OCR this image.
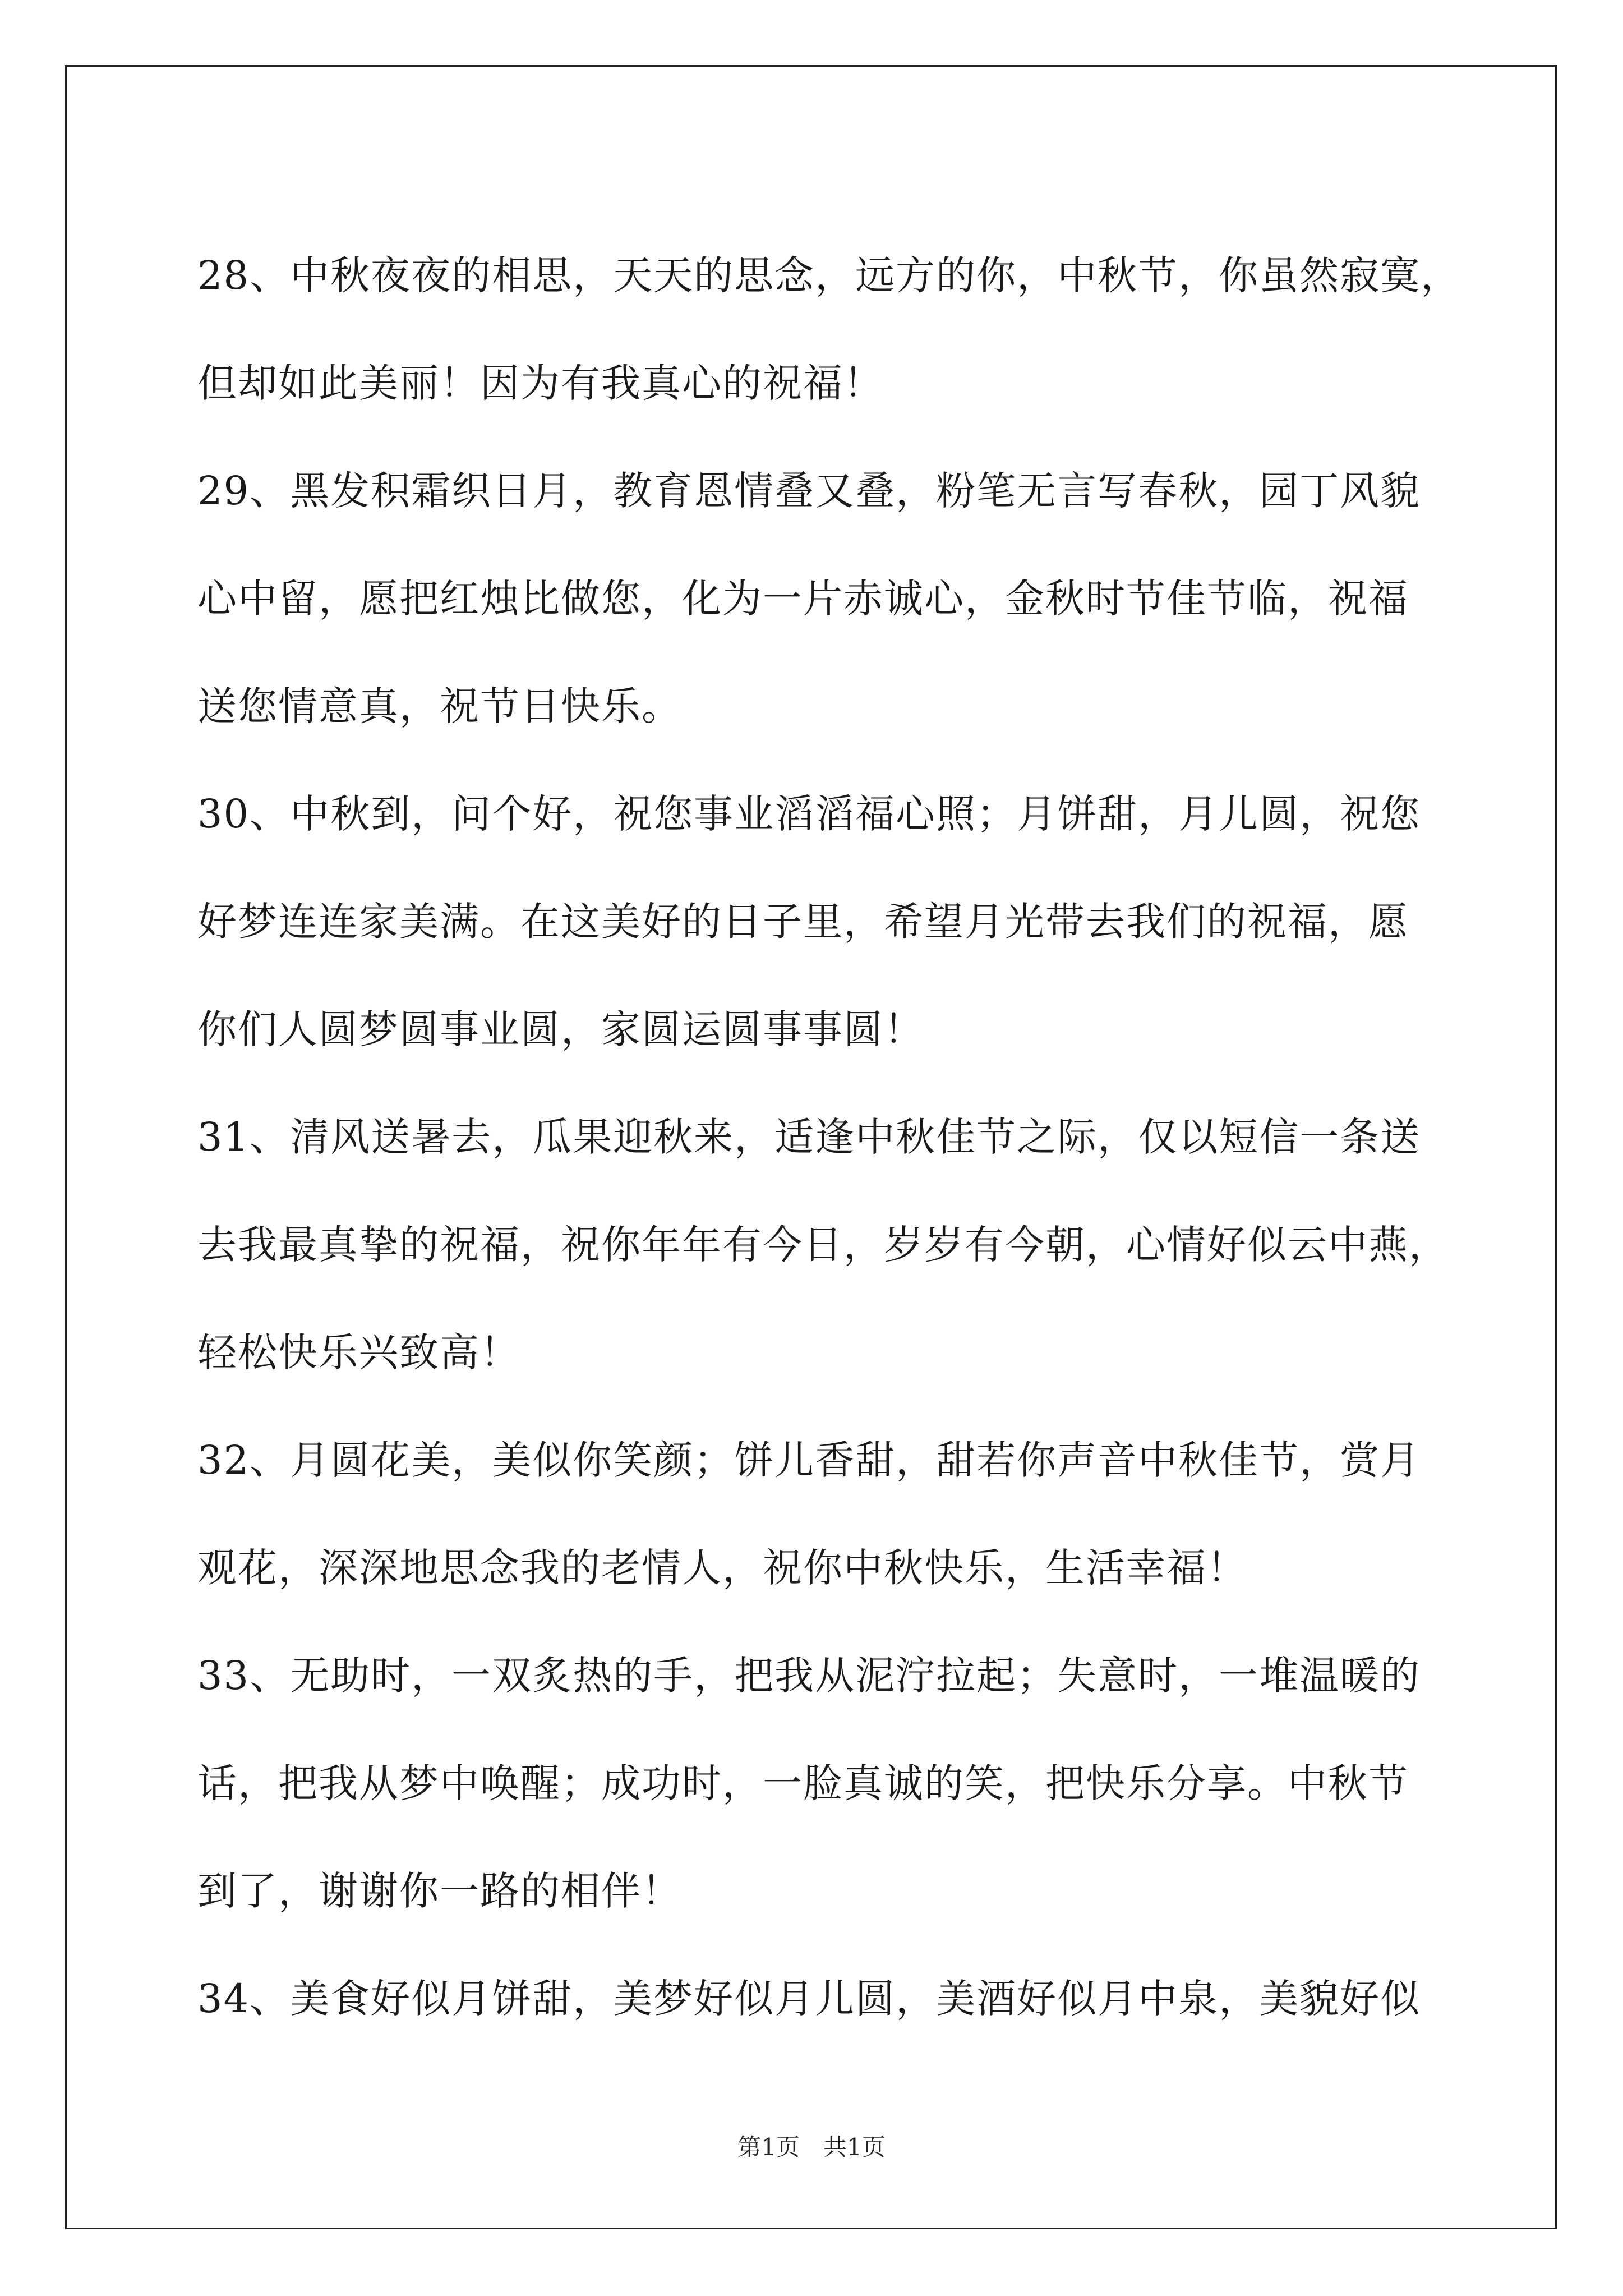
28、中秋夜夜的相思，天天的思念，远方的你，中秋节，你虽然寂寞，
但却如此美丽！因为有我真心的祝福！
29、黑发积霜织日月，教育恩情叠又叠，粉笔无言写春秋，园丁风貌
心中留，愿把红烛比做您，化为一片赤诚心，金秋时节佳节临，祝福
送您情意真，祝节日快乐。
30、中秋到，问个好，祝您事业滔滔福心照；月饼甜，月儿圆，祝您
好梦连连家美满。在这美好的日子里，希望月光带去我们的祝福，愿
你们人圆梦圆事业圆，家圆运圆事事圆！
31、清风送暑去，瓜果迎秋来，适逢中秋佳节之际，仅以短信一条送
去我最真挚的祝福，祝你年年有今日，岁岁有今朝，心情好似云中燕，
轻松快乐兴致高！
32、月圆花美，美似你笑颜；饼儿香甜，甜若你声音中秋佳节，赏月
观花，深深地思念我的老情人，祝你中秋快乐，生活幸福！
33、无助时，一双炙热的手，把我从泥泞拉起；失意时，一堆温暖的
话，把我从梦中唤醒；成功时，一脸真诚的笑，把快乐分享。中秋节
到了，谢谢你一路的相伴！
34、美食好似月饼甜，美梦好似月儿圆，美酒好似月中泉，美貌好似
第1页　共1页
